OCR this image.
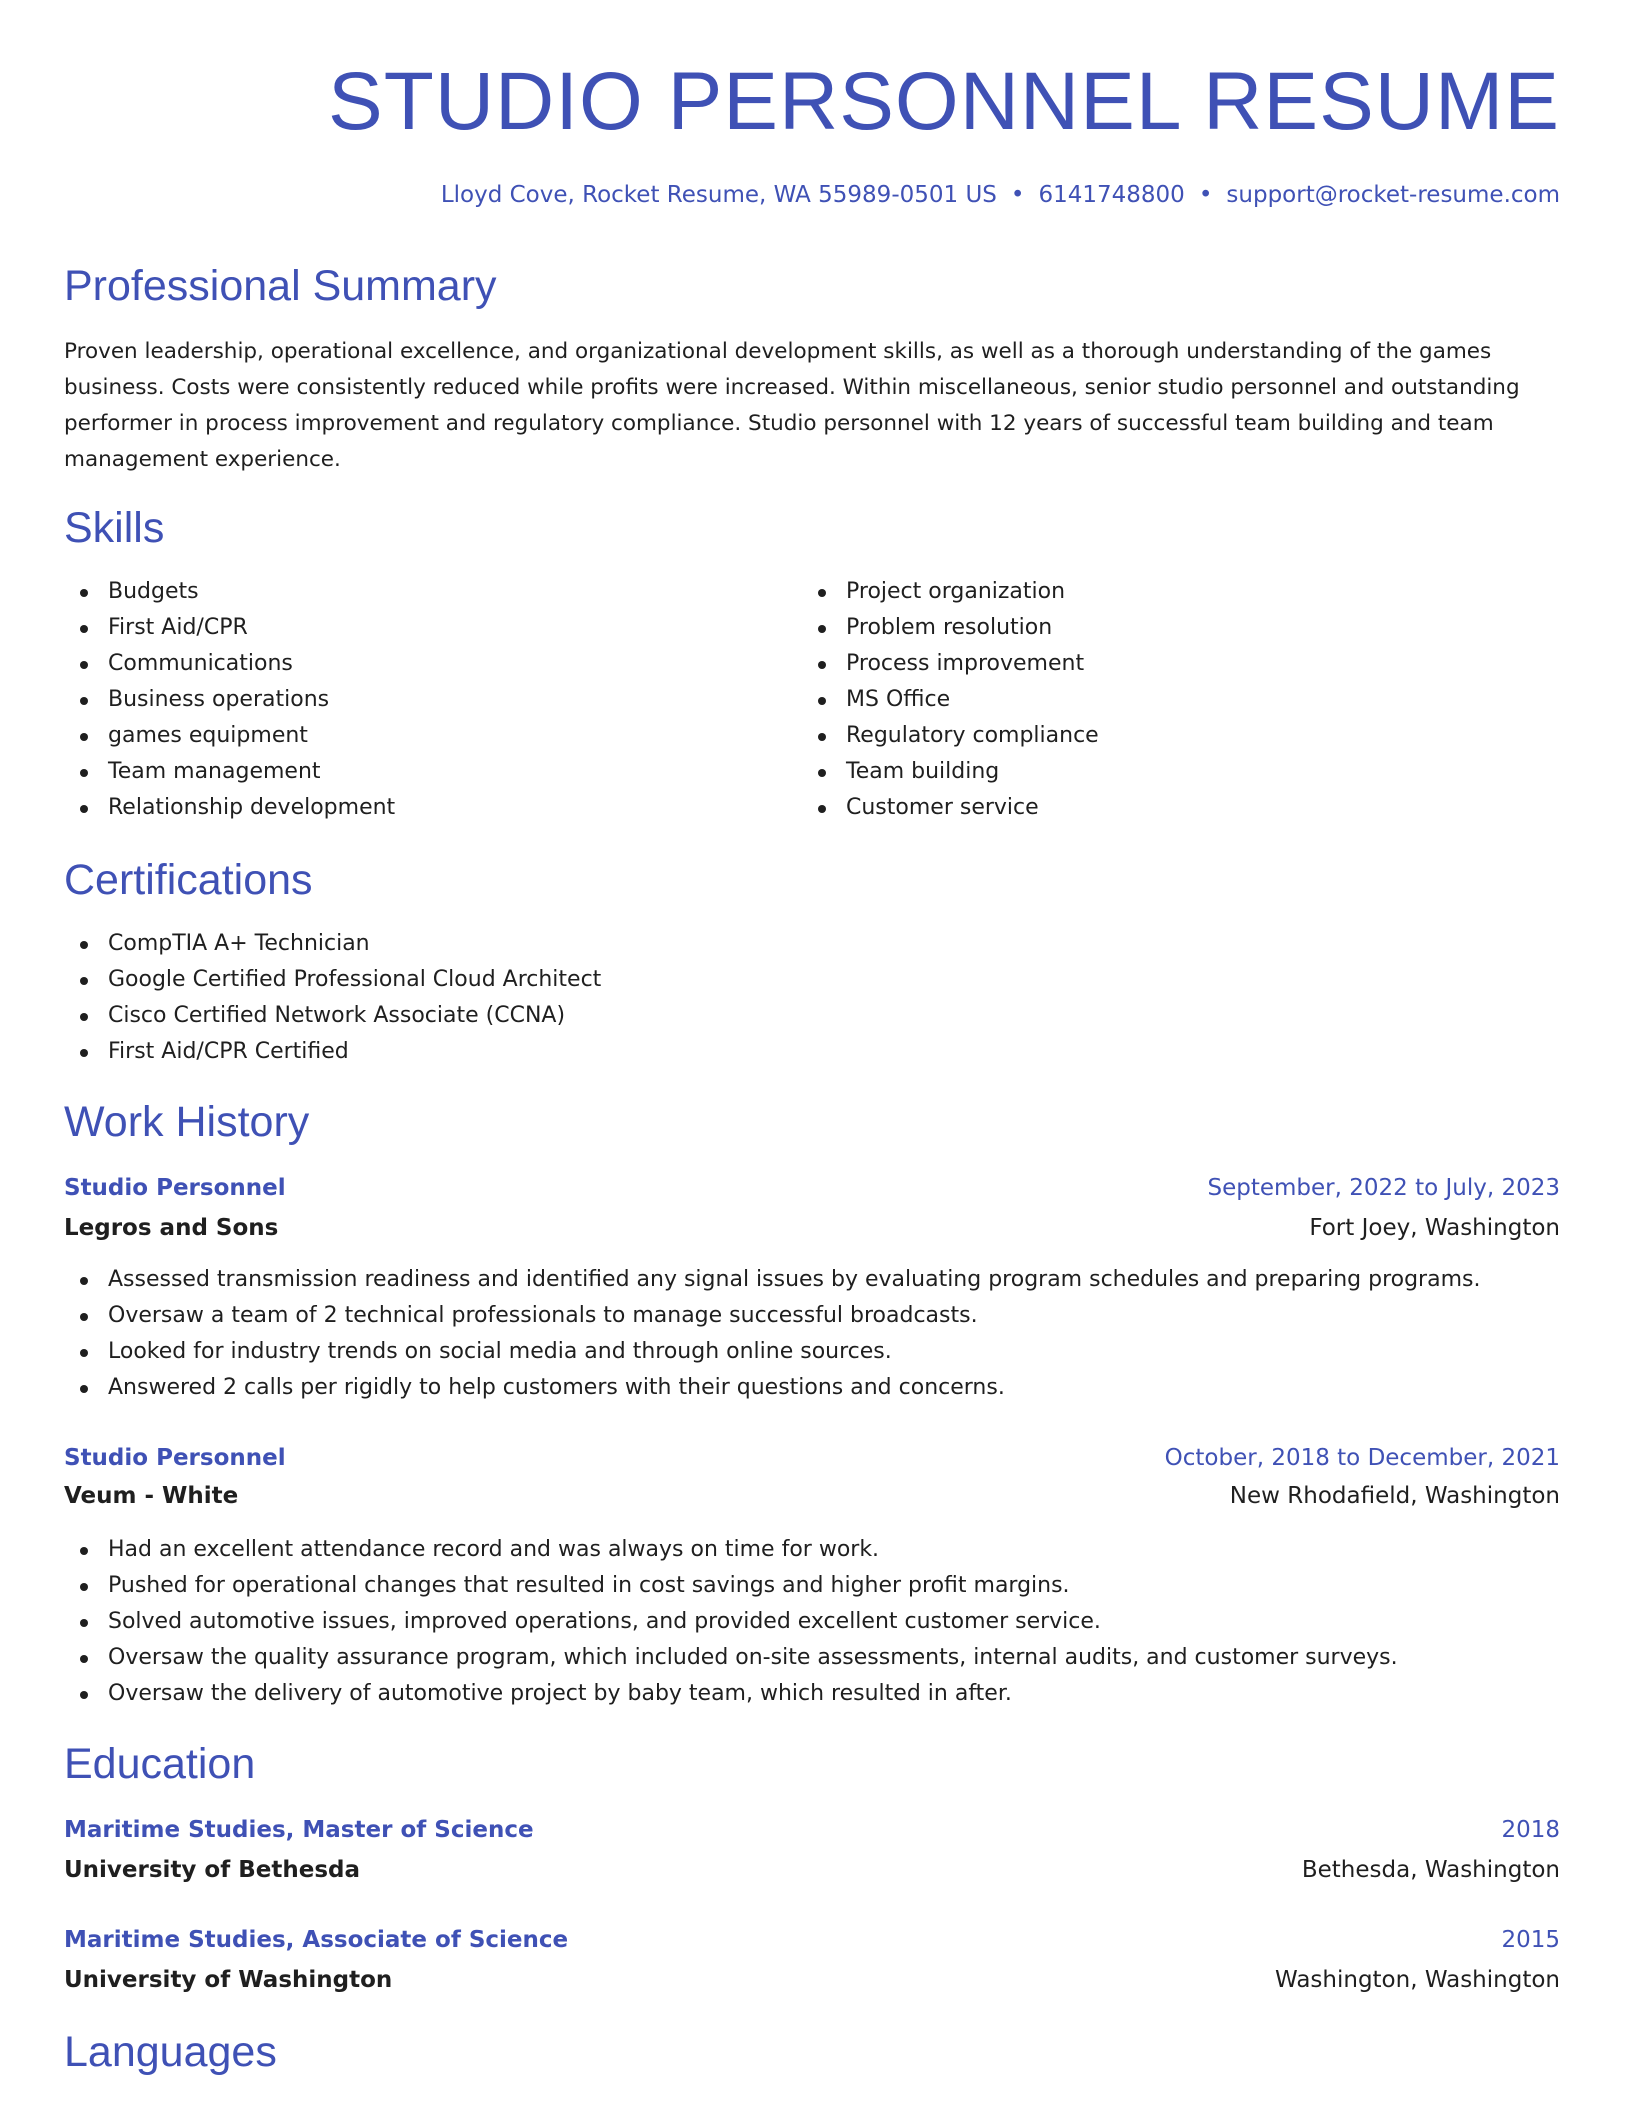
STUDIO PERSONNEL RESUME
Lloyd Cove, Rocket Resume, WA 55989-0501 US • 6141748800 • support@rocket-resume.com
Professional Summary

Proven leadership, operational excellence, and organizational development skills, as well as a thorough understanding of the games business. Costs were consistently reduced while profits were increased. Within miscellaneous, senior studio personnel and outstanding performer in process improvement and regulatory compliance. Studio personnel with 12 years of successful team building and team management experience.

Skills
Budgets
First Aid/CPR
Communications
Business operations
games equipment
Team management
Relationship development
Project organization
Problem resolution
Process improvement
MS Office
Regulatory compliance
Team building
Customer service
Certifications
CompTIA A+ Technician
Google Certified Professional Cloud Architect
Cisco Certified Network Associate (CCNA)
First Aid/CPR Certified
Work History
Studio Personnel	September, 2022 to July, 2023
Legros and Sons	Fort Joey, Washington
Assessed transmission readiness and identified any signal issues by evaluating program schedules and preparing programs.
Oversaw a team of 2 technical professionals to manage successful broadcasts.
Looked for industry trends on social media and through online sources.
Answered 2 calls per rigidly to help customers with their questions and concerns.
Studio Personnel	October, 2018 to December, 2021
Veum - White	New Rhodafield, Washington
Had an excellent attendance record and was always on time for work.
Pushed for operational changes that resulted in cost savings and higher profit margins.
Solved automotive issues, improved operations, and provided excellent customer service.
Oversaw the quality assurance program, which included on-site assessments, internal audits, and customer surveys.
Oversaw the delivery of automotive project by baby team, which resulted in after.
Education
Maritime Studies, Master of Science	2018
University of Bethesda	Bethesda, Washington
Maritime Studies, Associate of Science	2015
University of Washington	Washington, Washington
Languages
